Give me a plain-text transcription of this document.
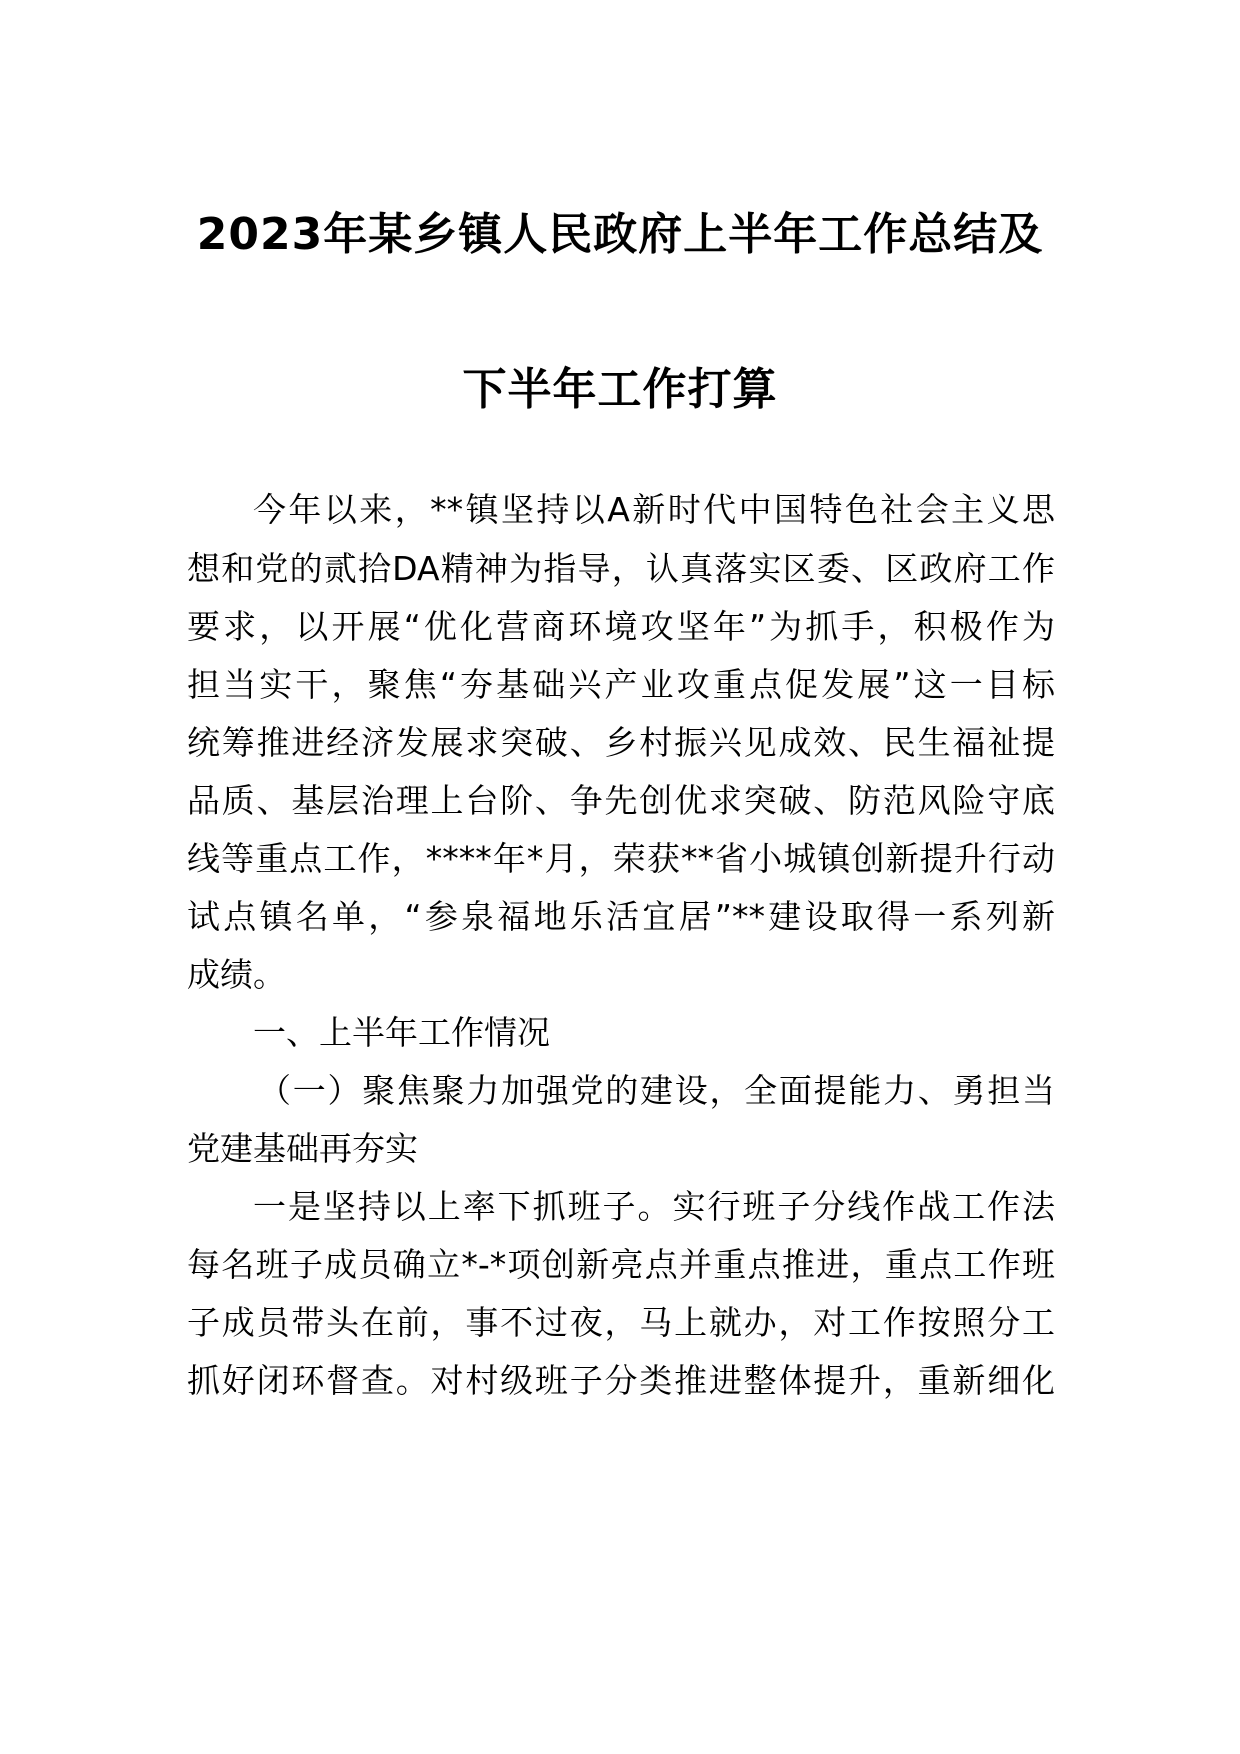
2023年某乡镇人民政府上半年工作总结及
下半年工作打算
今年以来，**镇坚持以A新时代中国特色社会主义思
想和党的贰拾DA精神为指导，认真落实区委、区政府工作
要求，以开展“优化营商环境攻坚年”为抓手，积极作为
担当实干，聚焦“夯基础兴产业攻重点促发展”这一目标
统筹推进经济发展求突破、乡村振兴见成效、民生福祉提
品质、基层治理上台阶、争先创优求突破、防范风险守底
线等重点工作，****年*月，荣获**省小城镇创新提升行动
试点镇名单，“参泉福地乐活宜居”**建设取得一系列新
成绩。
一、上半年工作情况
（一）聚焦聚力加强党的建设，全面提能力、勇担当
党建基础再夯实
一是坚持以上率下抓班子。实行班子分线作战工作法
每名班子成员确立*-*项创新亮点并重点推进，重点工作班
子成员带头在前，事不过夜，马上就办，对工作按照分工
抓好闭环督查。对村级班子分类推进整体提升，重新细化
